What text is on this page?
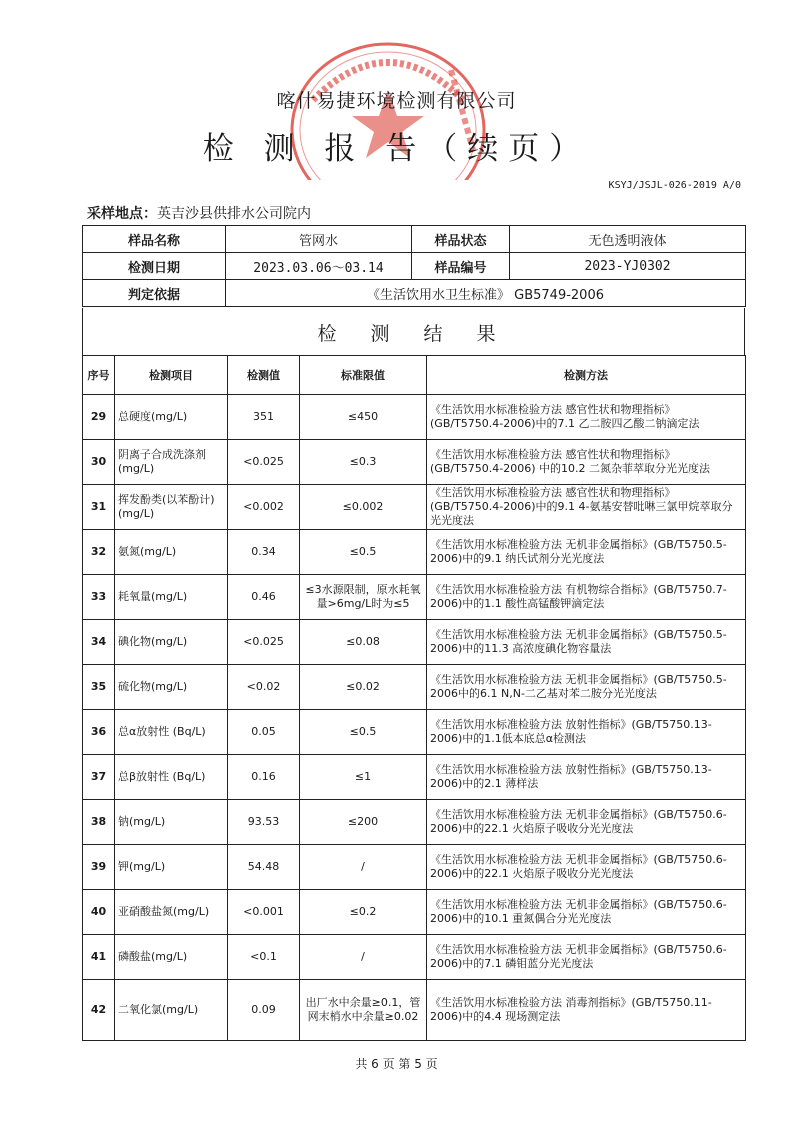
喀什易捷环境检测有限公司
检 测 报 告（续页）
KSYJ/JSJL-026-2019 A/0
采样地点：英吉沙县供排水公司院内
样品名称	管网水	样品状态	无色透明液体
检测日期	2023.03.06～03.14	样品编号	2023-YJ0302
判定依据	《生活饮用水卫生标准》 GB5749-2006		
检 测 结 果
序号	检测项目	检测值	标准限值	检测方法
29	总硬度(mg/L)	351	≤450	《生活饮用水标准检验方法 感官性状和物理指标》(GB/T5750.4-2006)中的7.1 乙二胺四乙酸二钠滴定法
30	阴离子合成洗涤剂(mg/L)	<0.025	≤0.3	《生活饮用水标准检验方法 感官性状和物理指标》(GB/T5750.4-2006) 中的10.2 二氮杂菲萃取分光光度法
31	挥发酚类(以苯酚计)(mg/L)	<0.002	≤0.002	《生活饮用水标准检验方法 感官性状和物理指标》(GB/T5750.4-2006)中的9.1 4-氨基安替吡啉三氯甲烷萃取分光光度法
32	氨氮(mg/L)	0.34	≤0.5	《生活饮用水标准检验方法 无机非金属指标》(GB/T5750.5-2006)中的9.1 纳氏试剂分光光度法
33	耗氧量(mg/L)	0.46	≤3水源限制，原水耗氧量>6mg/L时为≤5	《生活饮用水标准检验方法 有机物综合指标》(GB/T5750.7-2006)中的1.1 酸性高锰酸钾滴定法
34	碘化物(mg/L)	<0.025	≤0.08	《生活饮用水标准检验方法 无机非金属指标》(GB/T5750.5-2006)中的11.3 高浓度碘化物容量法
35	硫化物(mg/L)	<0.02	≤0.02	《生活饮用水标准检验方法 无机非金属指标》(GB/T5750.5-2006中的6.1 N,N-二乙基对苯二胺分光光度法
36	总α放射性 (Bq/L)	0.05	≤0.5	《生活饮用水标准检验方法 放射性指标》(GB/T5750.13-2006)中的1.1低本底总α检测法
37	总β放射性 (Bq/L)	0.16	≤1	《生活饮用水标准检验方法 放射性指标》(GB/T5750.13-2006)中的2.1 薄样法
38	钠(mg/L)	93.53	≤200	《生活饮用水标准检验方法 无机非金属指标》(GB/T5750.6-2006)中的22.1 火焰原子吸收分光光度法
39	钾(mg/L)	54.48	/	《生活饮用水标准检验方法 无机非金属指标》(GB/T5750.6-2006)中的22.1 火焰原子吸收分光光度法
40	亚硝酸盐氮(mg/L)	<0.001	≤0.2	《生活饮用水标准检验方法 无机非金属指标》(GB/T5750.6-2006)中的10.1 重氮偶合分光光度法
41	磷酸盐(mg/L)	<0.1	/	《生活饮用水标准检验方法 无机非金属指标》(GB/T5750.6-2006)中的7.1 磷钼蓝分光光度法
42	二氧化氯(mg/L)	0.09	出厂水中余量≥0.1，管网末梢水中余量≥0.02	《生活饮用水标准检验方法 消毒剂指标》(GB/T5750.11-2006)中的4.4 现场测定法
共 6 页 第 5 页
